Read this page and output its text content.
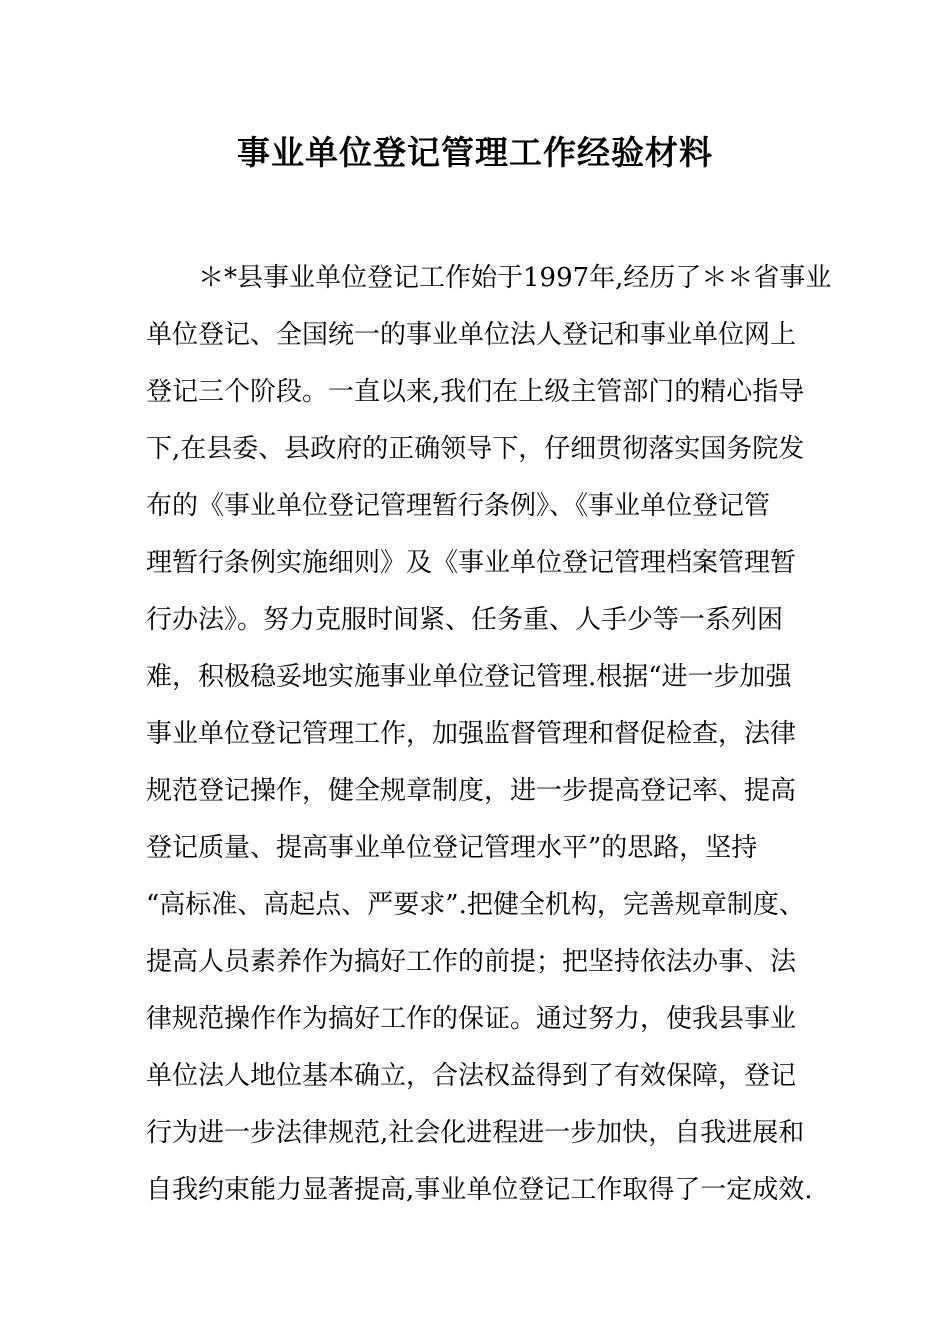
事业单位登记管理工作经验材料
＊*县事业单位登记工作始于1997年,经历了＊＊省事业
单位登记、全国统一的事业单位法人登记和事业单位网上
登记三个阶段。一直以来,我们在上级主管部门的精心指导
下,在县委、县政府的正确领导下，仔细贯彻落实国务院发
布的《事业单位登记管理暂行条例》、《事业单位登记管
理暂行条例实施细则》及《事业单位登记管理档案管理暂
行办法》。努力克服时间紧、任务重、人手少等一系列困
难，积极稳妥地实施事业单位登记管理.根据“进一步加强
事业单位登记管理工作，加强监督管理和督促检查，法律
规范登记操作，健全规章制度，进一步提高登记率、提高
登记质量、提高事业单位登记管理水平”的思路，坚持
“高标准、高起点、严要求”.把健全机构，完善规章制度、
提高人员素养作为搞好工作的前提；把坚持依法办事、法
律规范操作作为搞好工作的保证。通过努力，使我县事业
单位法人地位基本确立，合法权益得到了有效保障，登记
行为进一步法律规范,社会化进程进一步加快，自我进展和
自我约束能力显著提高,事业单位登记工作取得了一定成效.
